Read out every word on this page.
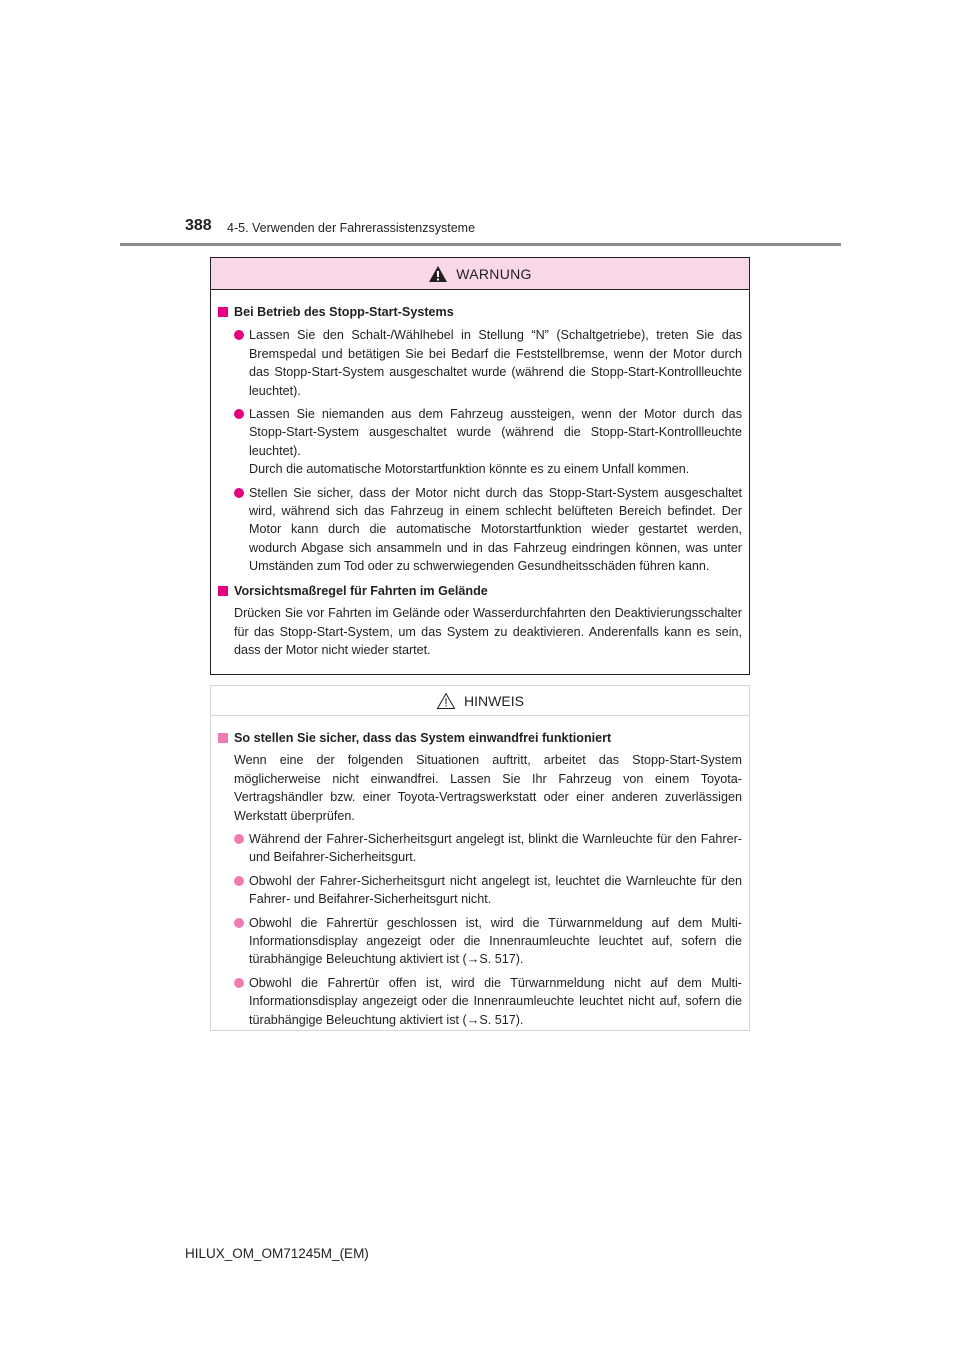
388 4-5. Verwenden der Fahrerassistenzsysteme
WARNUNG
Bei Betrieb des Stopp-Start-Systems
Lassen Sie den Schalt-/Wählhebel in Stellung “N” (Schaltgetriebe), treten Sie das Bremspedal und betätigen Sie bei Bedarf die Feststellbremse, wenn der Motor durch das Stopp-Start-System ausgeschaltet wurde (während die Stopp-Start-Kontrollleuchte leuchtet).
Lassen Sie niemanden aus dem Fahrzeug aussteigen, wenn der Motor durch das Stopp-Start-System ausgeschaltet wurde (während die Stopp-Start-Kontrollleuchte leuchtet).
Durch die automatische Motorstartfunktion könnte es zu einem Unfall kommen.
Stellen Sie sicher, dass der Motor nicht durch das Stopp-Start-System ausgeschaltet wird, während sich das Fahrzeug in einem schlecht belüfteten Bereich befindet. Der Motor kann durch die automatische Motorstartfunktion wieder gestartet werden, wodurch Abgase sich ansammeln und in das Fahrzeug eindringen können, was unter Umständen zum Tod oder zu schwerwiegenden Gesundheitsschäden führen kann.
Vorsichtsmaßregel für Fahrten im Gelände
Drücken Sie vor Fahrten im Gelände oder Wasserdurchfahrten den Deaktivierungsschalter für das Stopp-Start-System, um das System zu deaktivieren. Anderenfalls kann es sein, dass der Motor nicht wieder startet.
HINWEIS
So stellen Sie sicher, dass das System einwandfrei funktioniert
Wenn eine der folgenden Situationen auftritt, arbeitet das Stopp-Start-System möglicherweise nicht einwandfrei. Lassen Sie Ihr Fahrzeug von einem Toyota-Vertragshändler bzw. einer Toyota-Vertragswerkstatt oder einer anderen zuverlässigen Werkstatt überprüfen.
Während der Fahrer-Sicherheitsgurt angelegt ist, blinkt die Warnleuchte für den Fahrer- und Beifahrer-Sicherheitsgurt.
Obwohl der Fahrer-Sicherheitsgurt nicht angelegt ist, leuchtet die Warnleuchte für den Fahrer- und Beifahrer-Sicherheitsgurt nicht.
Obwohl die Fahrertür geschlossen ist, wird die Türwarnmeldung auf dem Multi-Informationsdisplay angezeigt oder die Innenraumleuchte leuchtet auf, sofern die türabhängige Beleuchtung aktiviert ist (→S. 517).
Obwohl die Fahrertür offen ist, wird die Türwarnmeldung nicht auf dem Multi-Informationsdisplay angezeigt oder die Innenraumleuchte leuchtet nicht auf, sofern die türabhängige Beleuchtung aktiviert ist (→S. 517).
HILUX_OM_OM71245M_(EM)
